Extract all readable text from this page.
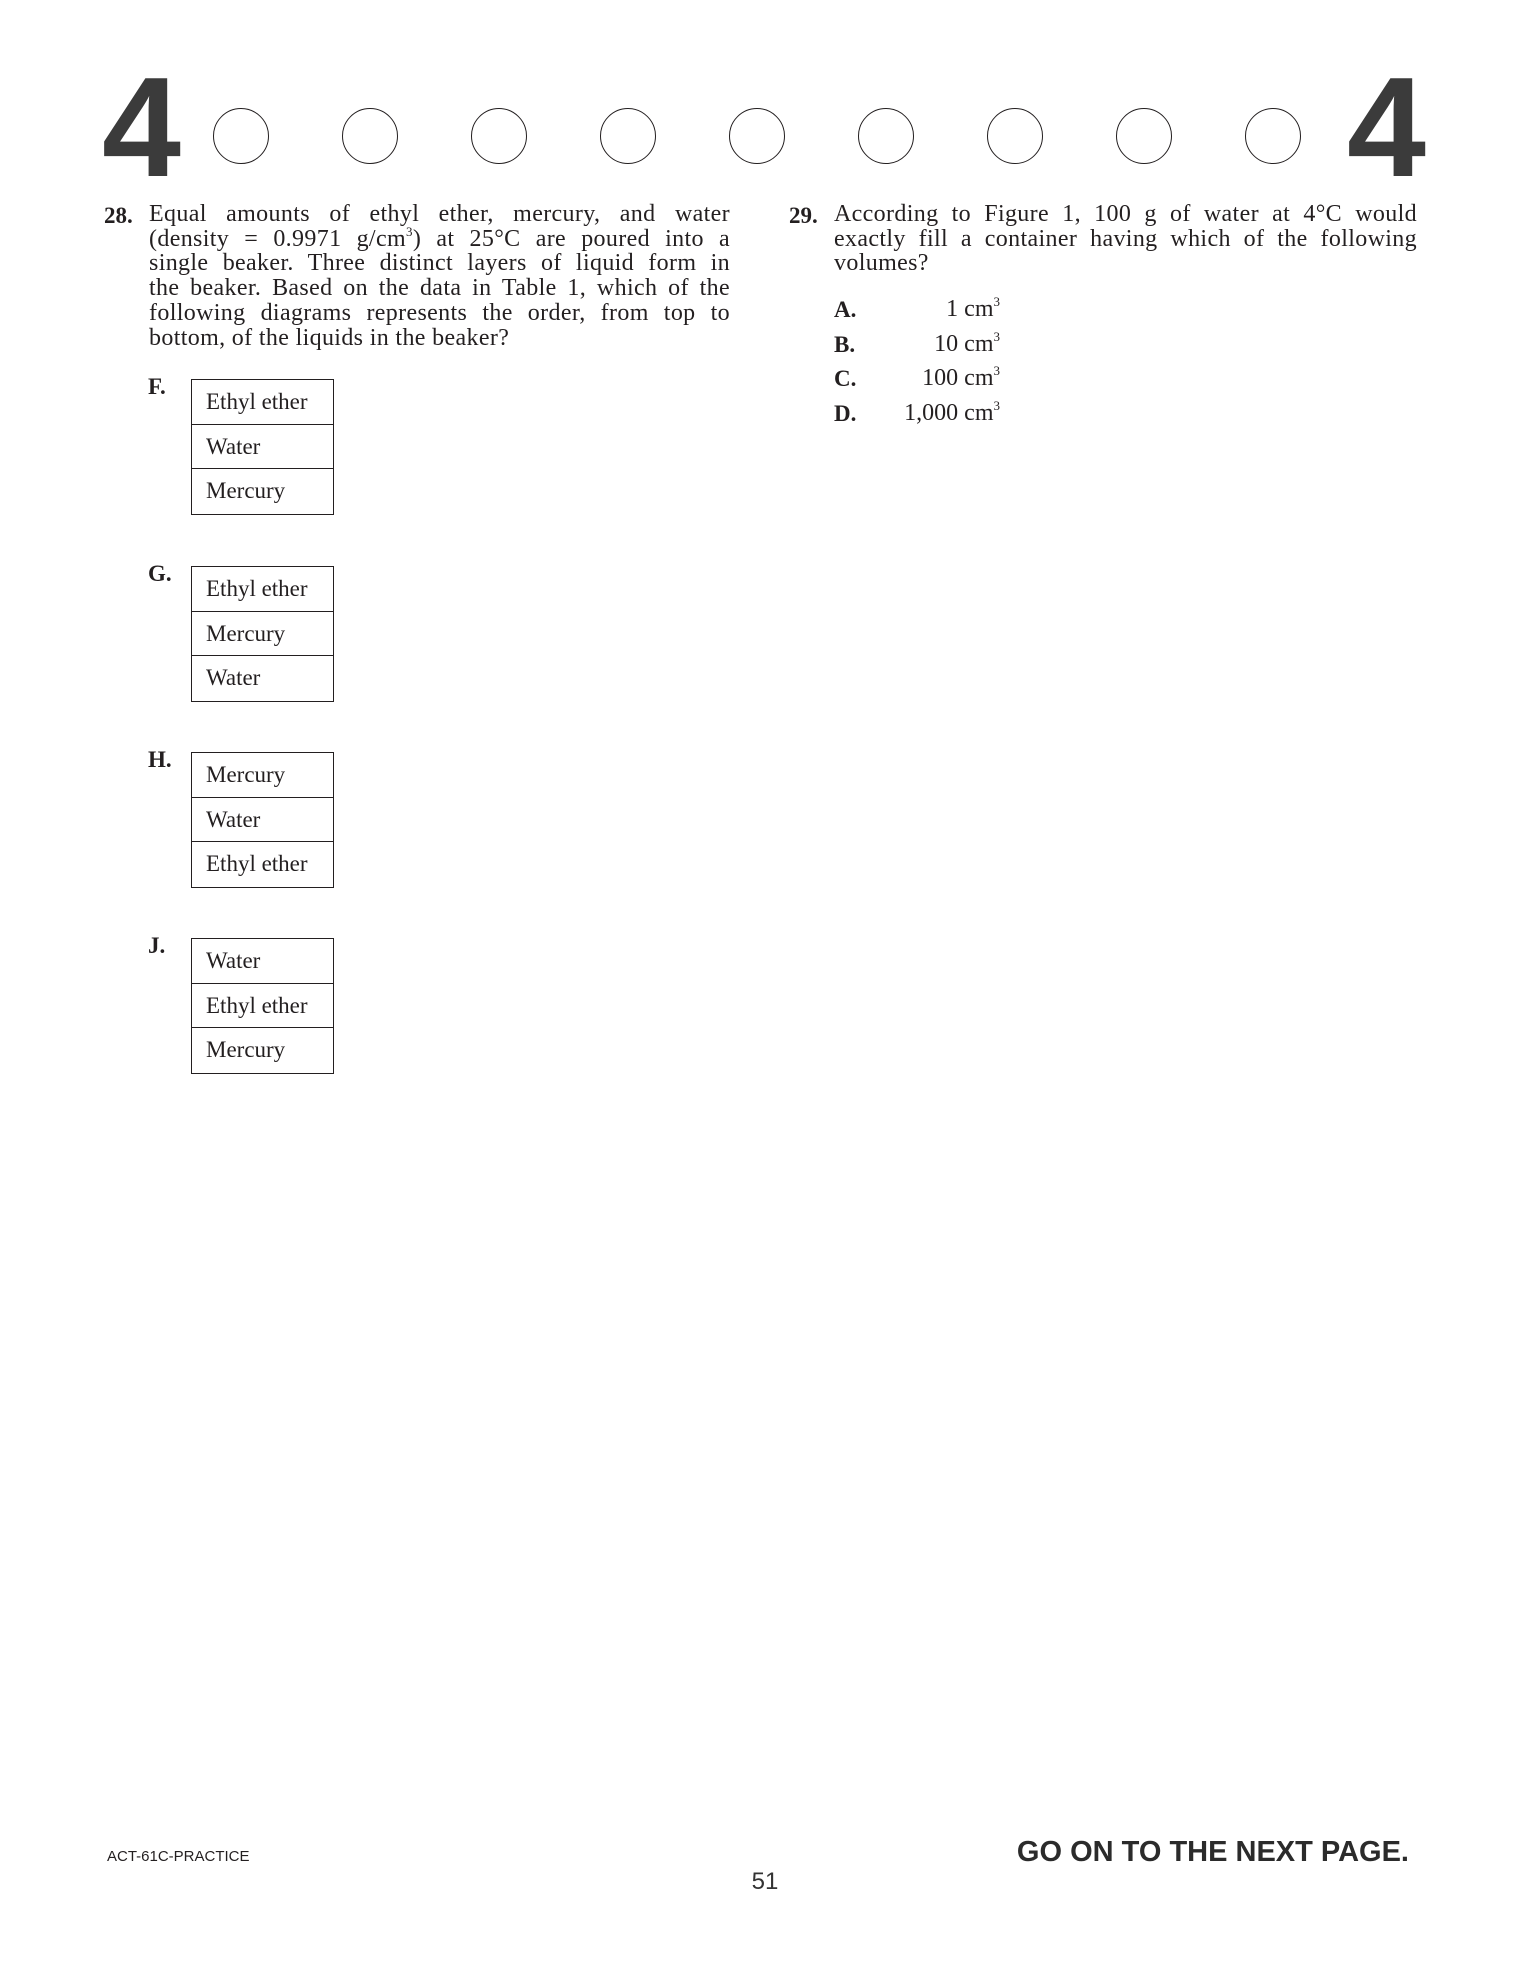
4	4
28. Equal amounts of ethyl ether, mercury, and water
(density = 0.9971 $g/cm^3$) at 25°C are poured into a
single beaker. Three distinct layers of liquid form in
the beaker. Based on the data in Table 1, which of the
following diagrams represents the order, from top to
bottom, of the liquids in the beaker?
F.
Ethyl ether
Water
Mercury
G.
Ethyl ether
Mercury
Water
H.
Mercury
Water
Ethyl ether
J.
Water
Ethyl ether
Mercury
29. According to Figure 1, 100 g of water at 4°C would
exactly fill a container having which of the following
volumes?
A.	1 $cm^3$
B.	10 $cm^3$
C.	100 $cm^3$
D. 1,000 $cm^3$
ACT-61C-PRACTICE	GO ON TO THE NEXT PAGE.
51
